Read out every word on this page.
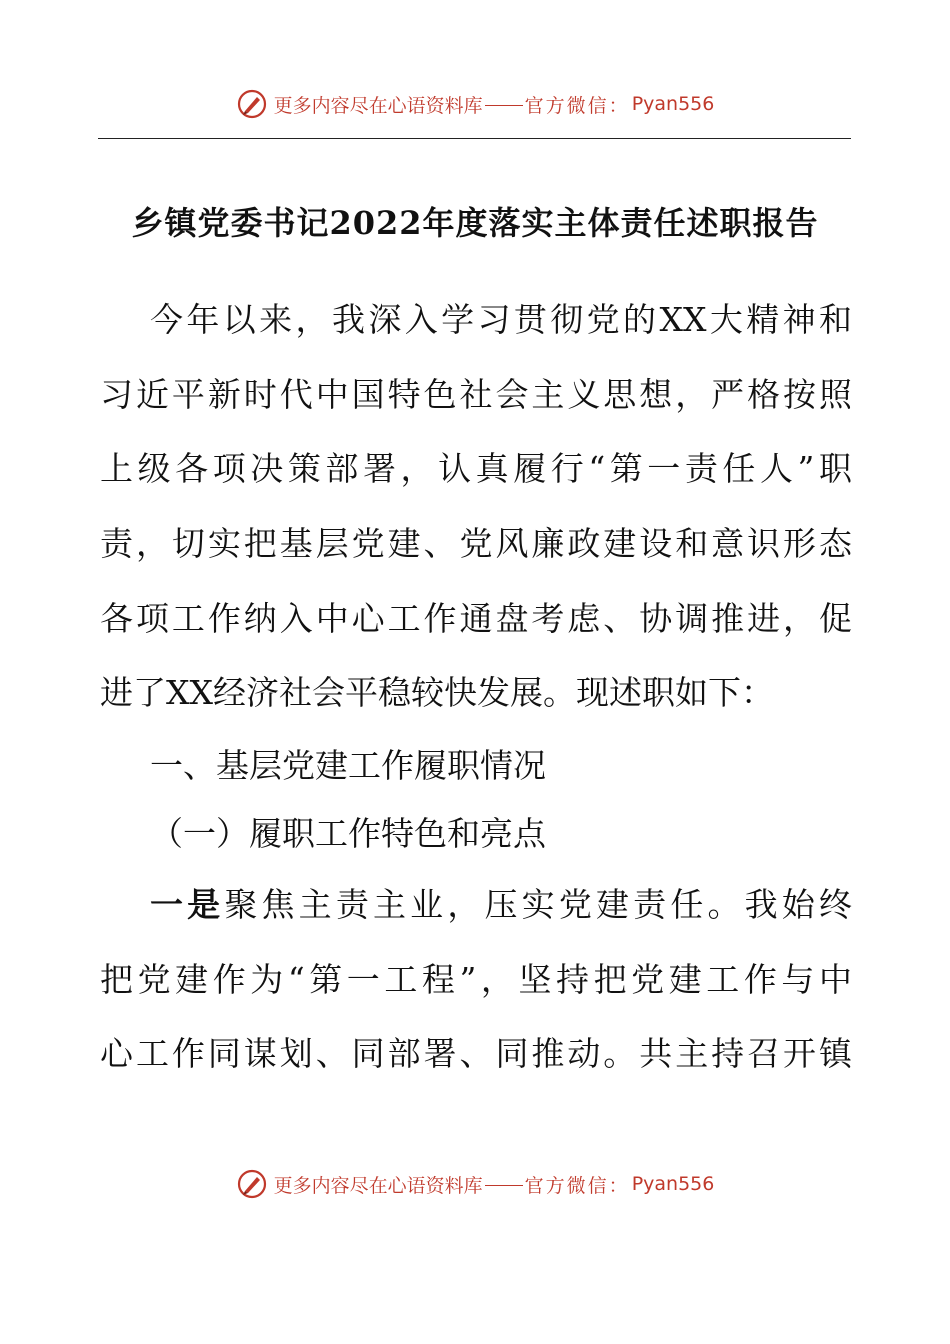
更多内容尽在心语资料库 官方微信： Pyan556
乡镇党委书记2022年度落实主体责任述职报告
今年以来，我深入学习贯彻党的XX大精神和
习近平新时代中国特色社会主义思想，严格按照
上级各项决策部署，认真履行“第一责任人”职
责，切实把基层党建、党风廉政建设和意识形态
各项工作纳入中心工作通盘考虑、协调推进，促
进了XX经济社会平稳较快发展。现述职如下：
一、基层党建工作履职情况
（一）履职工作特色和亮点
一是聚焦主责主业，压实党建责任。我始终
把党建作为“第一工程”，坚持把党建工作与中
心工作同谋划、同部署、同推动。共主持召开镇
更多内容尽在心语资料库 官方微信： Pyan556
